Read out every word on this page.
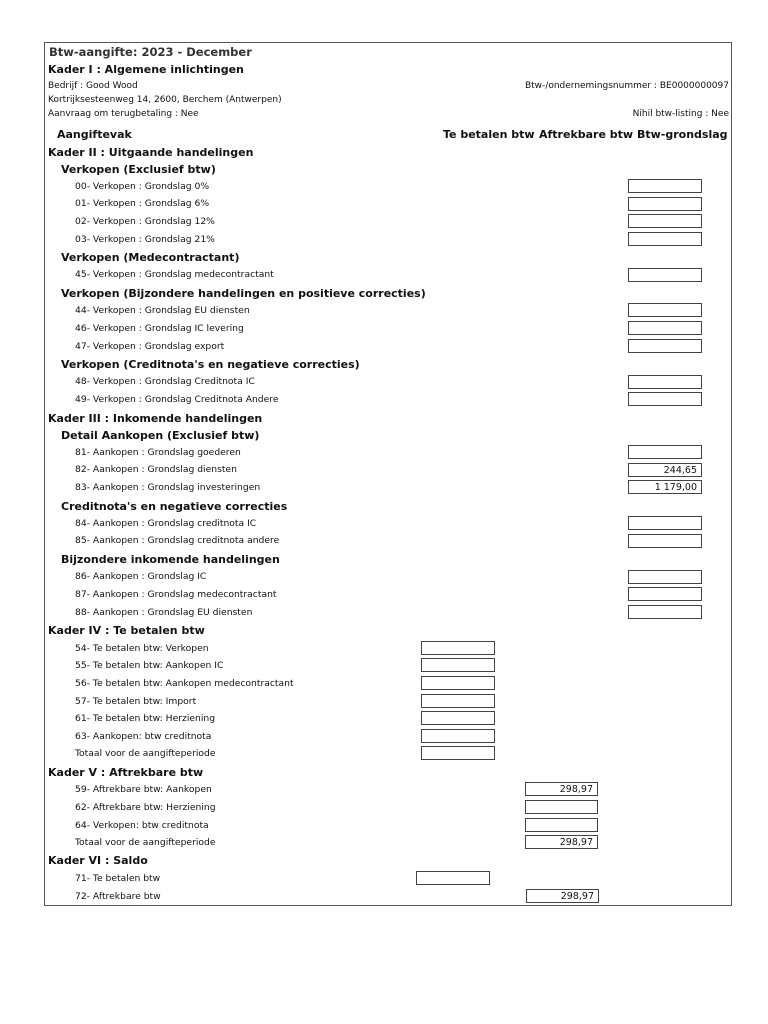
Btw-aangifte: 2023 - December
Kader I : Algemene inlichtingen
Bedrijf : Good Wood	Btw-/ondernemingsnummer : BE0000000097
Kortrijksesteenweg 14, 2600, Berchem (Antwerpen)
Aanvraag om terugbetaling : Nee	Nihil btw-listing : Nee
Aangiftevak	Te betalen btw Aftrekbare btw Btw-grondslag
Kader II : Uitgaande handelingen
Verkopen (Exclusief btw)
00- Verkopen : Grondslag 0%
01- Verkopen : Grondslag 6%
02- Verkopen : Grondslag 12%
03- Verkopen : Grondslag 21%
Verkopen (Medecontractant)
45- Verkopen : Grondslag medecontractant
Verkopen (Bijzondere handelingen en positieve correcties)
44- Verkopen : Grondslag EU diensten
46- Verkopen : Grondslag IC levering
47- Verkopen : Grondslag export
Verkopen (Creditnota's en negatieve correcties)
48- Verkopen : Grondslag Creditnota IC
49- Verkopen : Grondslag Creditnota Andere
Kader III : Inkomende handelingen
Detail Aankopen (Exclusief btw)
81- Aankopen : Grondslag goederen
82- Aankopen : Grondslag diensten	244,65
83- Aankopen : Grondslag investeringen	1 179,00
Creditnota's en negatieve correcties
84- Aankopen : Grondslag creditnota IC
85- Aankopen : Grondslag creditnota andere
Bijzondere inkomende handelingen
86- Aankopen : Grondslag IC
87- Aankopen : Grondslag medecontractant
88- Aankopen : Grondslag EU diensten
Kader IV : Te betalen btw
54- Te betalen btw: Verkopen
55- Te betalen btw: Aankopen IC
56- Te betalen btw: Aankopen medecontractant
57- Te betalen btw: Import
61- Te betalen btw: Herziening
63- Aankopen: btw creditnota
Totaal voor de aangifteperiode
Kader V : Aftrekbare btw
59- Aftrekbare btw: Aankopen	298,97
62- Aftrekbare btw: Herziening
64- Verkopen: btw creditnota
Totaal voor de aangifteperiode	298,97
Kader VI : Saldo
71- Te betalen btw
72- Aftrekbare btw	298,97
